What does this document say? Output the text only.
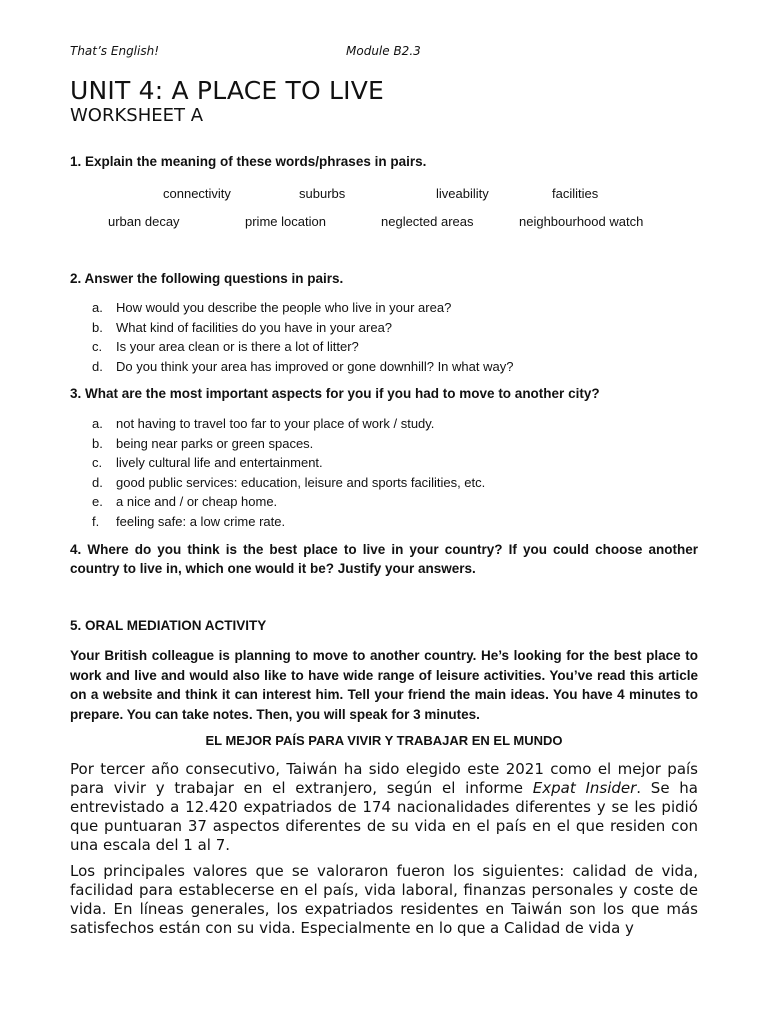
That’s English!	Module B2.3
UNIT 4: A PLACE TO LIVE
WORKSHEET A
1. Explain the meaning of these words/phrases in pairs.
connectivity	suburbs	liveability	facilities
urban decay	prime location	neglected areas	neighbourhood watch
2. Answer the following questions in pairs.
a. How would you describe the people who live in your area?
b. What kind of facilities do you have in your area?
c. Is your area clean or is there a lot of litter?
d. Do you think your area has improved or gone downhill? In what way?
3. What are the most important aspects for you if you had to move to another city?
a. not having to travel too far to your place of work / study.
b. being near parks or green spaces.
c. lively cultural life and entertainment.
d. good public services: education, leisure and sports facilities, etc.
e. a nice and / or cheap home.
f. feeling safe: a low crime rate.
4. Where do you think is the best place to live in your country? If you could choose another country to live in, which one would it be? Justify your answers.
5. ORAL MEDIATION ACTIVITY
Your British colleague is planning to move to another country. He’s looking for the best place to work and live and would also like to have wide range of leisure activities. You’ve read this article on a website and think it can interest him. Tell your friend the main ideas. You have 4 minutes to prepare. You can take notes. Then, you will speak for 3 minutes.
EL MEJOR PAÍS PARA VIVIR Y TRABAJAR EN EL MUNDO
Por tercer año consecutivo, Taiwán ha sido elegido este 2021 como el mejor país para vivir y trabajar en el extranjero, según el informe Expat Insider. Se ha entrevistado a 12.420 expatriados de 174 nacionalidades diferentes y se les pidió que puntuaran 37 aspectos diferentes de su vida en el país en el que residen con una escala del 1 al 7.
Los principales valores que se valoraron fueron los siguientes: calidad de vida, facilidad para establecerse en el país, vida laboral, finanzas personales y coste de vida. En líneas generales, los expatriados residentes en Taiwán son los que más satisfechos están con su vida. Especialmente en lo que a Calidad de vida y
